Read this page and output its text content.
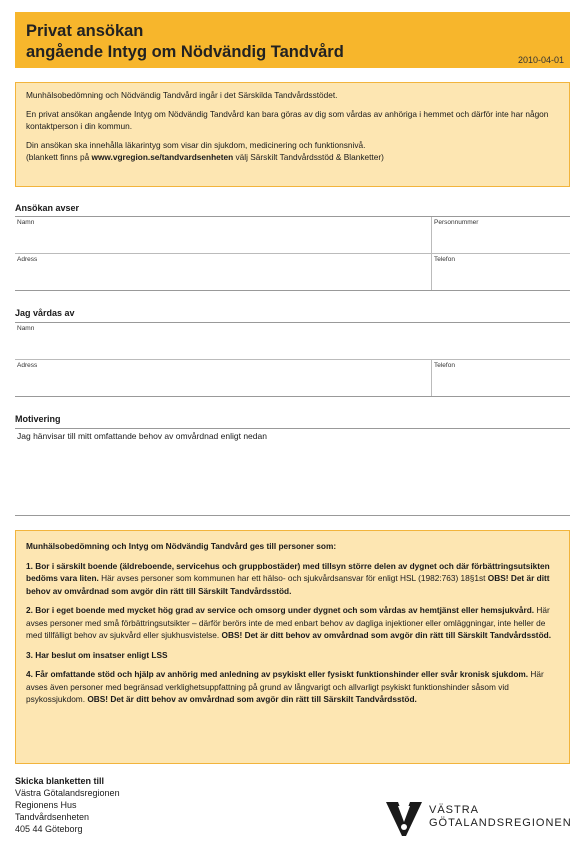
Privat ansökan
angående Intyg om Nödvändig Tandvård	2010-04-01

Munhälsobedömning och Nödvändig Tandvård ingår i det Särskilda Tandvårdsstödet.

En privat ansökan angående Intyg om Nödvändig Tandvård kan bara göras av dig som vårdas av anhöriga i hemmet och därför inte har någon kontaktperson i din kommun.

Din ansökan ska innehålla läkarintyg som visar din sjukdom, medicinering och funktionsnivå.
(blankett finns på www.vgregion.se/tandvardsenheten välj Särskilt Tandvårdsstöd & Blanketter)

Ansökan avser
Namn	Personnummer
Adress	Telefon
Jag vårdas av
Namn
Adress	Telefon
Motivering
Jag hänvisar till mitt omfattande behov av omvårdnad enligt nedan

Munhälsobedömning och Intyg om Nödvändig Tandvård ges till personer som:

1. Bor i särskilt boende (äldreboende, servicehus och gruppbostäder) med tillsyn större delen av dygnet och där förbättringsutsikten bedöms vara liten. Här avses personer som kommunen har ett hälso- och sjukvårdsansvar för enligt HSL (1982:763) 18§1st OBS! Det är ditt behov av omvårdnad som avgör din rätt till Särskilt Tandvårdsstöd.

2. Bor i eget boende med mycket hög grad av service och omsorg under dygnet och som vårdas av hemtjänst eller hemsjukvård. Här avses personer med små förbättringsutsikter – därför berörs inte de med enbart behov av dagliga injektioner eller omläggningar, inte heller de med tillfälligt behov av sjukvård eller sjukhusvistelse. OBS! Det är ditt behov av omvårdnad som avgör din rätt till Särskilt Tandvårdsstöd.

3. Har beslut om insatser enligt LSS

4. Får omfattande stöd och hjälp av anhörig med anledning av psykiskt eller fysiskt funktionshinder eller svår kronisk sjukdom. Här avses även personer med begränsad verklighetsuppfattning på grund av långvarigt och allvarligt psykiskt funktionshinder såsom vid psykossjukdom. OBS! Det är ditt behov av omvårdnad som avgör din rätt till Särskilt Tandvårdsstöd.

Skicka blanketten till
Västra Götalandsregionen
Regionens Hus
Tandvårdsenheten
405 44 Göteborg
VÄSTRA
GÖTALANDSREGIONEN
